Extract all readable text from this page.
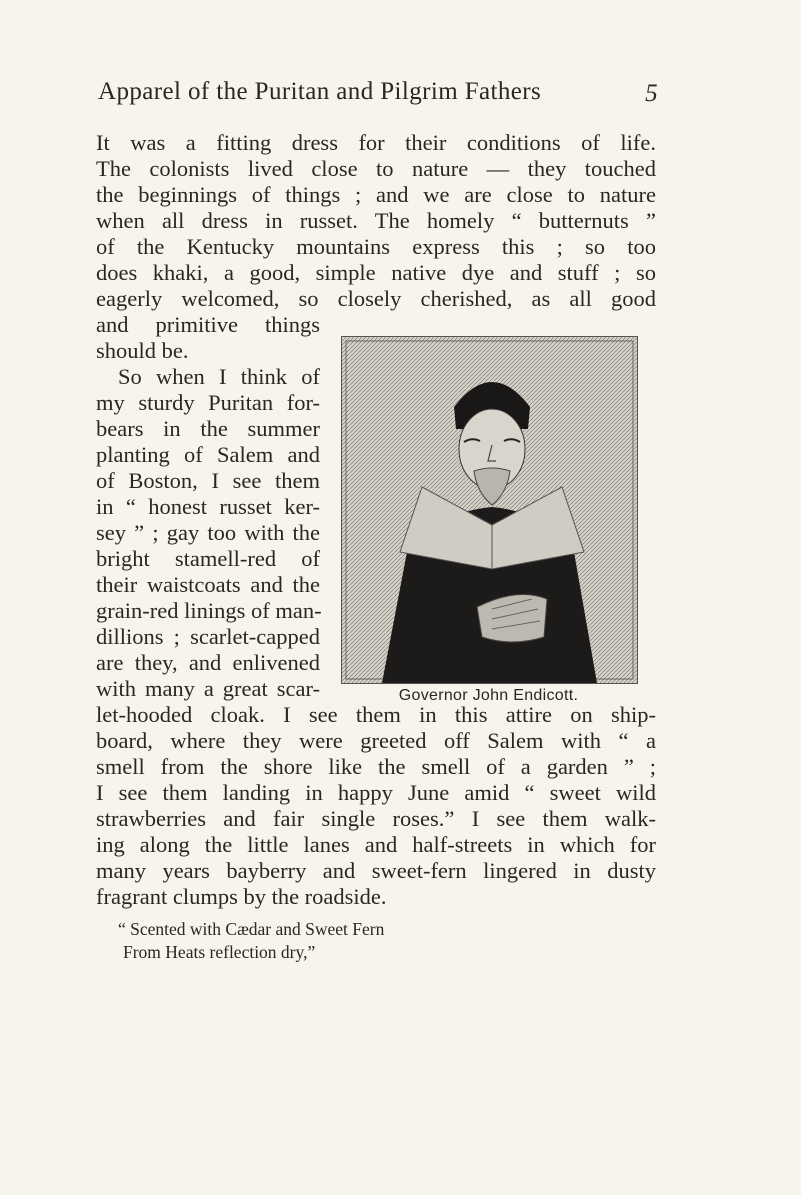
Apparel of the Puritan and Pilgrim Fathers	5
It was a fitting dress for their conditions of life.
The colonists lived close to nature — they touched
the beginnings of things ; and we are close to nature
when all dress in russet. The homely “ butternuts ”
of the Kentucky mountains express this ; so too
does khaki, a good, simple native dye and stuff ; so
eagerly welcomed, so closely cherished, as all good
and primitive things
should be.
So when I think of
my sturdy Puritan for-
bears in the summer
planting of Salem and
of Boston, I see them
in “ honest russet ker-
sey ” ; gay too with the
bright stamell-red of
their waistcoats and the
grain-red linings of man-
dillions ; scarlet-capped
are they, and enlivened
with many a great scar-
let-hooded cloak. I see them in this attire on ship-
board, where they were greeted off Salem with “ a
smell from the shore like the smell of a garden ” ;
I see them landing in happy June amid “ sweet wild
strawberries and fair single roses.” I see them walk-
ing along the little lanes and half-streets in which for
many years bayberry and sweet-fern lingered in dusty
fragrant clumps by the roadside.
“ Scented with Cædar and Sweet Fern
From Heats reflection dry,”
Governor John Endicott.
